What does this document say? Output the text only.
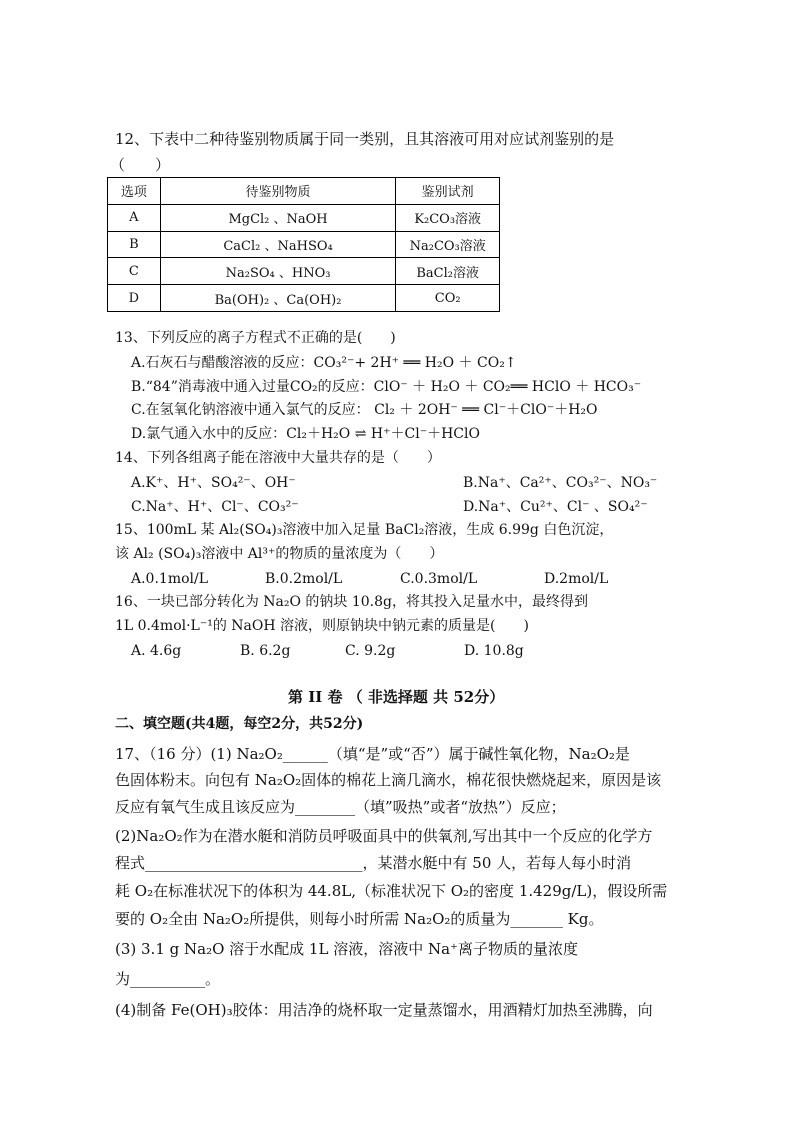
12、下表中二种待鉴别物质属于同一类别，且其溶液可用对应试剂鉴别的是
（　　）
选项	待鉴别物质	鉴别试剂
A	MgCl₂ 、NaOH	K₂CO₃溶液
B	CaCl₂ 、NaHSO₄	Na₂CO₃溶液
C	Na₂SO₄ 、HNO₃	BaCl₂溶液
D	Ba(OH)₂ 、Ca(OH)₂	CO₂
13、下列反应的离子方程式不正确的是(　　)
A.石灰石与醋酸溶液的反应：CO₃²⁻+ 2H⁺ ══ H₂O ＋ CO₂↑
B.“84”消毒液中通入过量CO₂的反应：ClO⁻ ＋ H₂O ＋ CO₂══ HClO ＋ HCO₃⁻
C.在氢氧化钠溶液中通入氯气的反应： Cl₂ ＋ 2OH⁻ ══ Cl⁻＋ClO⁻＋H₂O
D.氯气通入水中的反应：Cl₂＋H₂O ⇌ H⁺＋Cl⁻＋HClO
14、下列各组离子能在溶液中大量共存的是（　　）
A.K⁺、H⁺、SO₄²⁻、OH⁻	B.Na⁺、Ca²⁺、CO₃²⁻、NO₃⁻
C.Na⁺、H⁺、Cl⁻、CO₃²⁻	D.Na⁺、Cu²⁺、Cl⁻ 、SO₄²⁻
15、100mL 某 Al₂(SO₄)₃溶液中加入足量 BaCl₂溶液，生成 6.99g 白色沉淀，
该 Al₂ (SO₄)₃溶液中 Al³⁺的物质的量浓度为（　　）
A.0.1mol/L	B.0.2mol/L	C.0.3mol/L	D.2mol/L
16、一块已部分转化为 Na₂O 的钠块 10.8g，将其投入足量水中，最终得到
1L 0.4mol·L⁻¹的 NaOH 溶液，则原钠块中钠元素的质量是(　　)
A. 4.6g	B. 6.2g	C. 9.2g	D. 10.8g
第 II 卷 （ 非选择题 共 52分）
二、填空题(共4题，每空2分，共52分)
17、（16 分）(1) Na₂O₂______（填“是”或“否”）属于碱性氧化物，Na₂O₂是
色固体粉末。向包有 Na₂O₂固体的棉花上滴几滴水，棉花很快燃烧起来，原因是该
反应有氧气生成且该反应为________（填”吸热”或者“放热”）反应；
(2)Na₂O₂作为在潜水艇和消防员呼吸面具中的供氧剂,写出其中一个反应的化学方
程式_____________________________，某潜水艇中有 50 人，若每人每小时消
耗 O₂在标准状况下的体积为 44.8L,（标准状况下 O₂的密度 1.429g/L)，假设所需
要的 O₂全由 Na₂O₂所提供，则每小时所需 Na₂O₂的质量为_______ Kg。
(3) 3.1 g Na₂O 溶于水配成 1L 溶液，溶液中 Na⁺离子物质的量浓度
为__________。
(4)制备 Fe(OH)₃胶体：用洁净的烧杯取一定量蒸馏水，用酒精灯加热至沸腾，向
